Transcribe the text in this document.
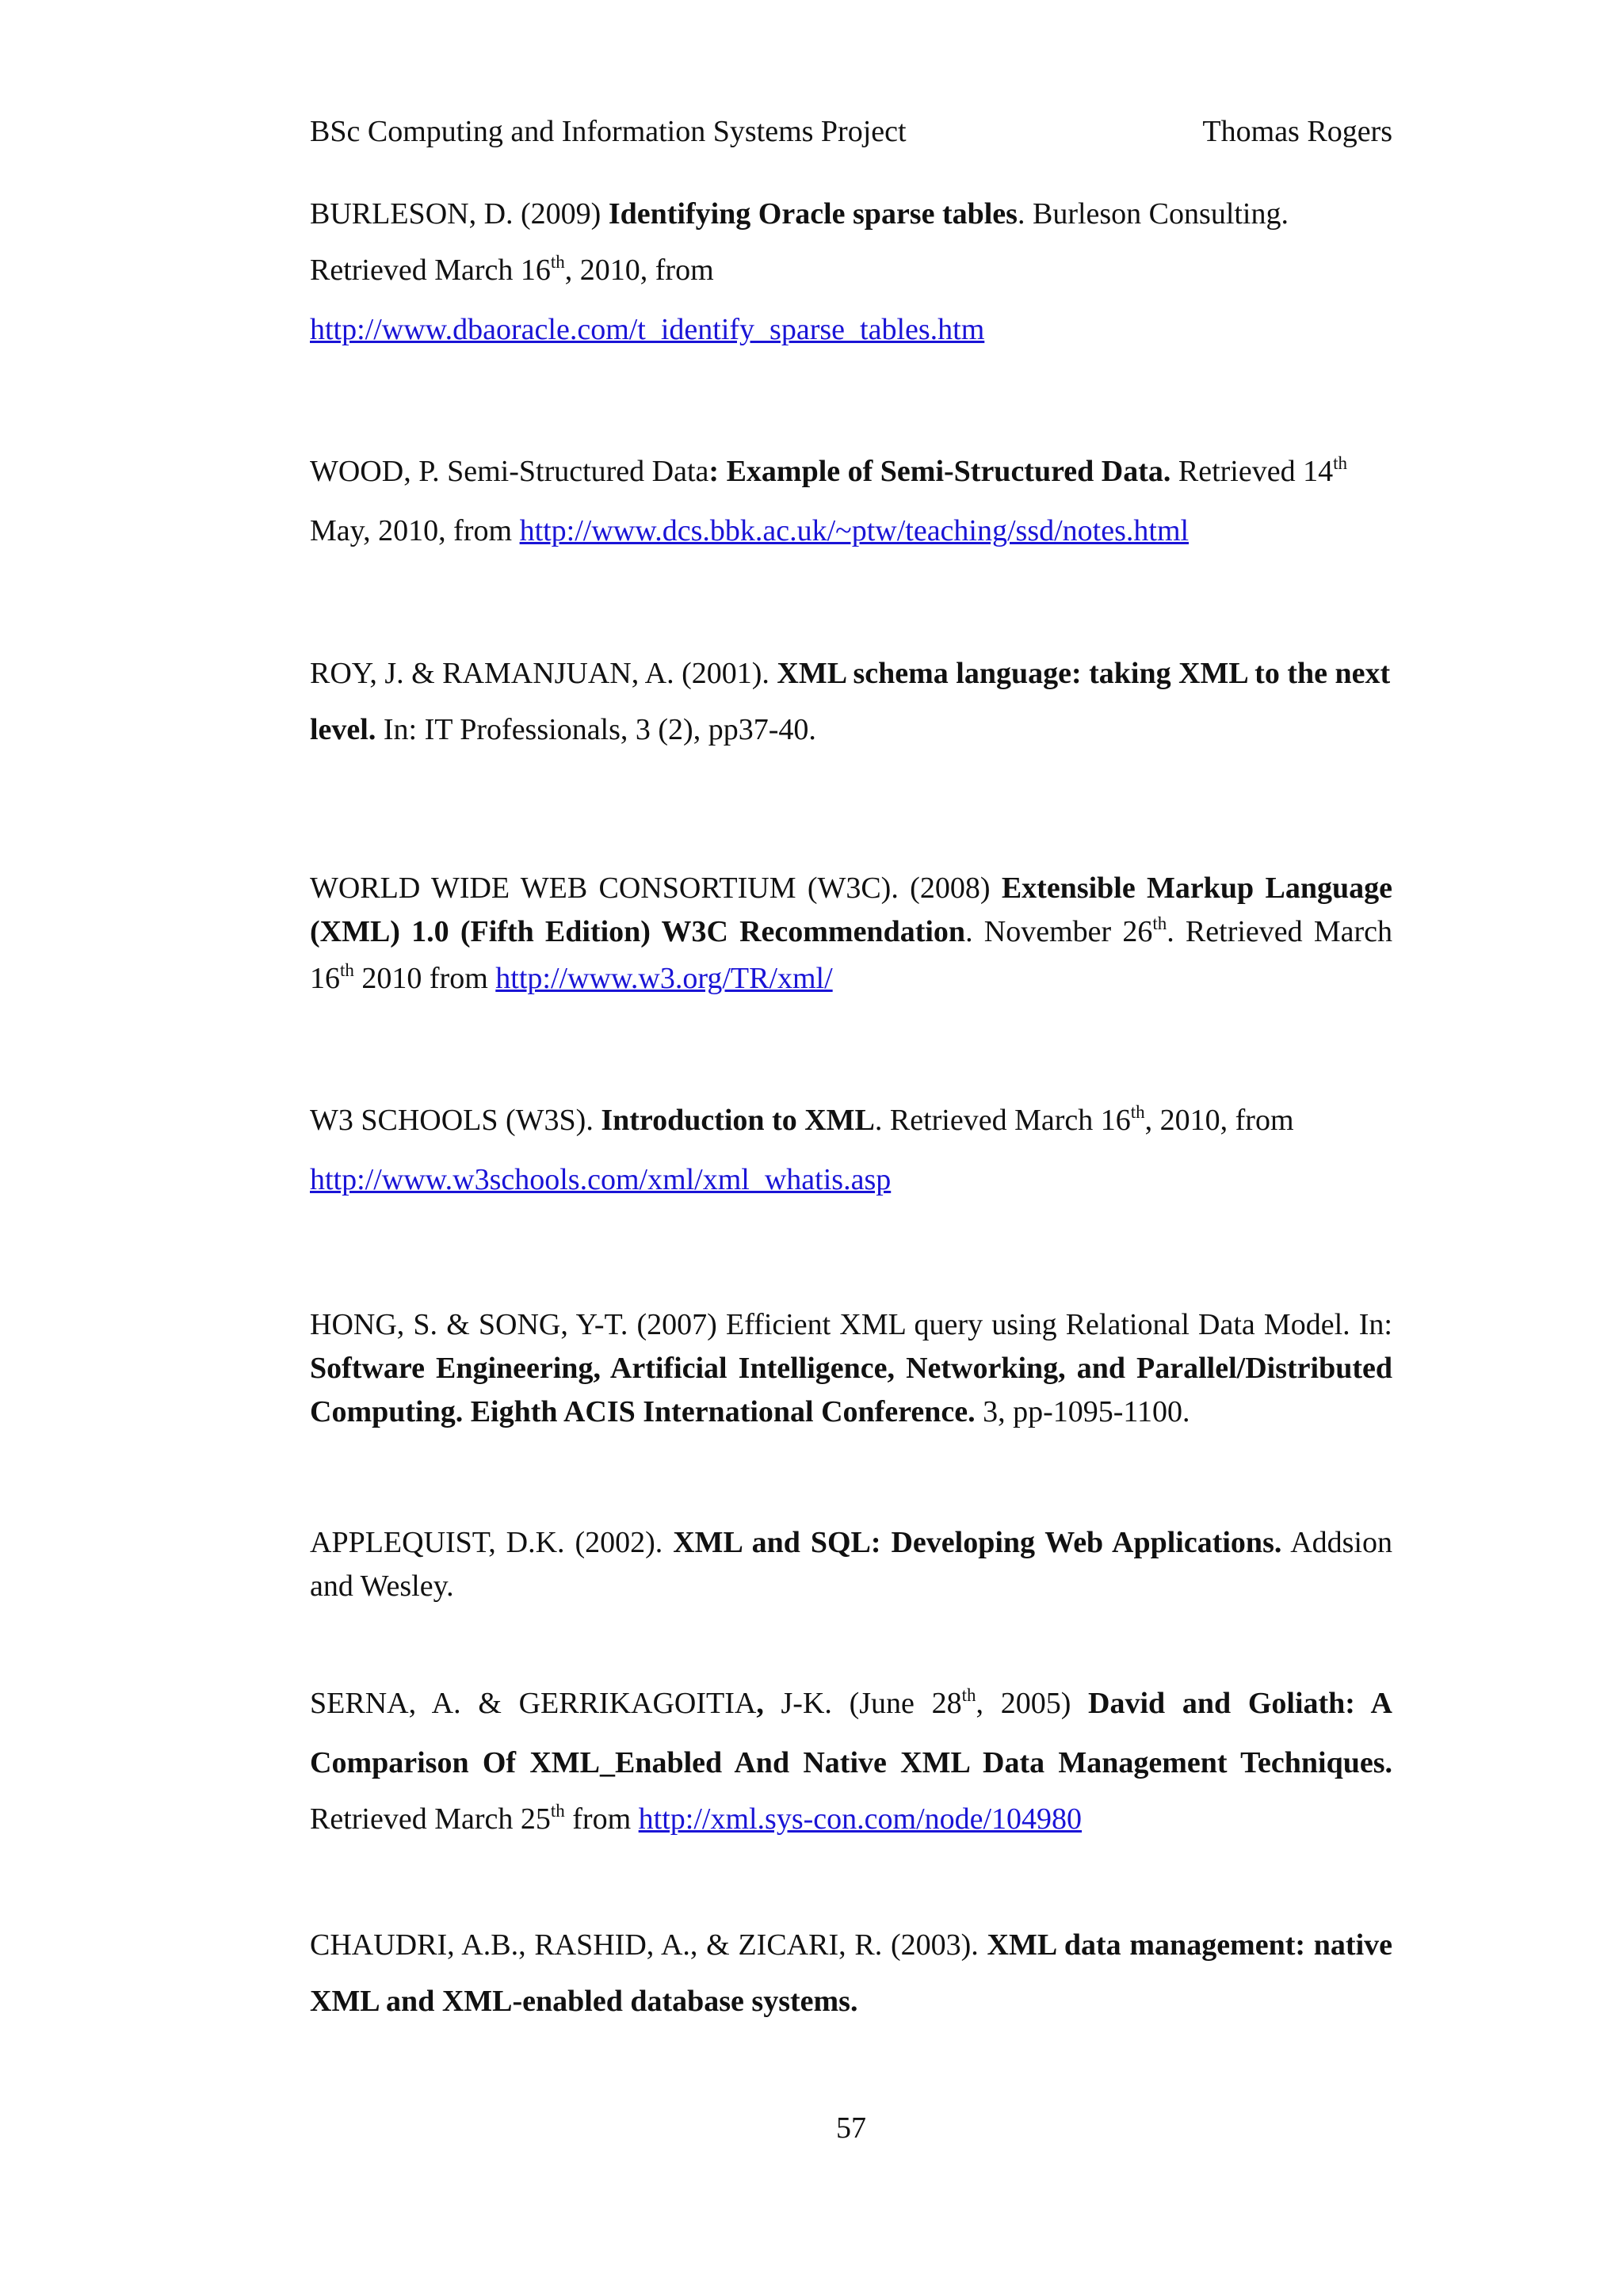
BSc Computing and Information Systems Project	Thomas Rogers

BURLESON, D. (2009) Identifying Oracle sparse tables. Burleson Consulting. Retrieved March 16th, 2010, from
http://www.dbaoracle.com/t_identify_sparse_tables.htm

WOOD, P. Semi-Structured Data: Example of Semi-Structured Data. Retrieved 14th May, 2010, from http://www.dcs.bbk.ac.uk/~ptw/teaching/ssd/notes.html

ROY, J. & RAMANJUAN, A. (2001). XML schema language: taking XML to the next level. In: IT Professionals, 3 (2), pp37-40.

WORLD WIDE WEB CONSORTIUM (W3C). (2008) Extensible Markup Language (XML) 1.0 (Fifth Edition) W3C Recommendation. November 26th. Retrieved March 16th 2010 from http://www.w3.org/TR/xml/

W3 SCHOOLS (W3S). Introduction to XML. Retrieved March 16th, 2010, from
http://www.w3schools.com/xml/xml_whatis.asp

HONG, S. & SONG, Y-T. (2007) Efficient XML query using Relational Data Model. In: Software Engineering, Artificial Intelligence, Networking, and Parallel/Distributed Computing. Eighth ACIS International Conference. 3, pp-1095-1100.

APPLEQUIST, D.K. (2002). XML and SQL: Developing Web Applications. Addsion and Wesley.

SERNA, A. & GERRIKAGOITIA, J-K. (June 28th, 2005) David and Goliath: A Comparison Of XML_Enabled And Native XML Data Management Techniques. Retrieved March 25th from http://xml.sys-con.com/node/104980

CHAUDRI, A.B., RASHID, A., & ZICARI, R. (2003). XML data management: native XML and XML-enabled database systems.

57
